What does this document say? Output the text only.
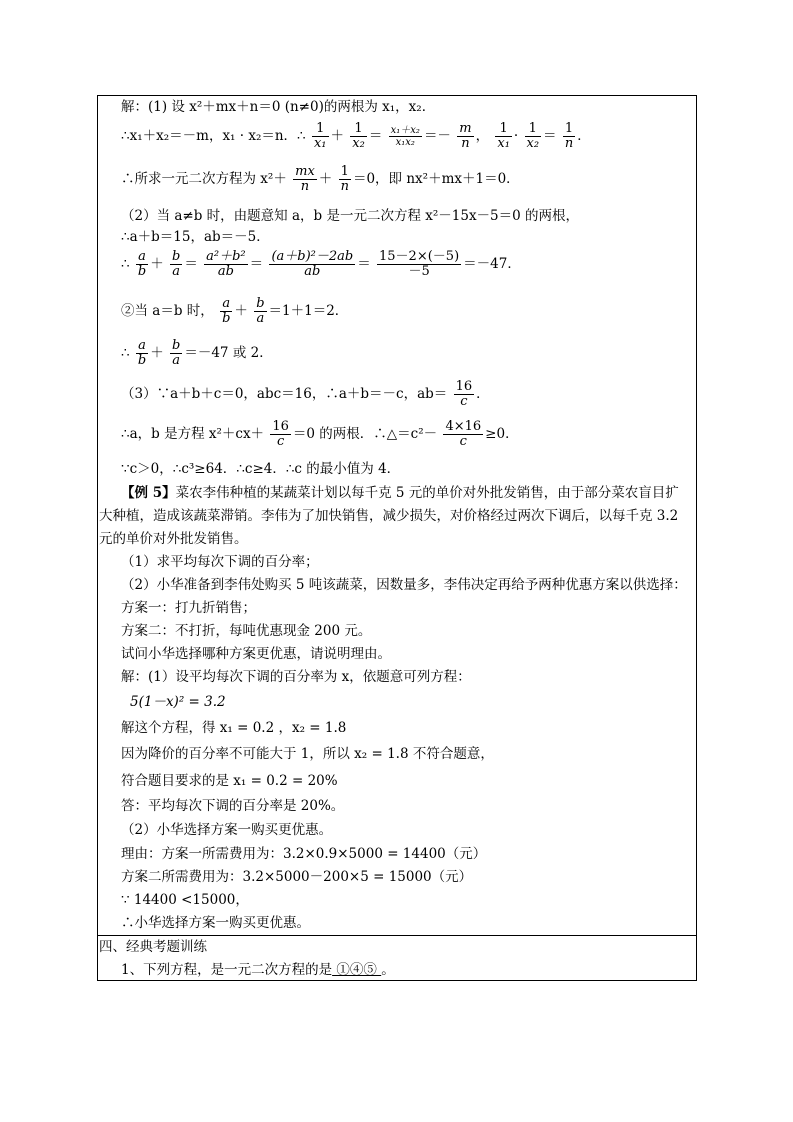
解：(1) 设 x²＋mx＋n＝0 (n≠0)的两根为 x₁，x₂．
∴x₁＋x₂＝－m，x₁ · x₂＝n．∴ $\frac{1}{\text{x₁}} + \frac{1}{\text{x₂}} = \frac{\text{x₁＋x₂}}{\text{x₁x₂}} =- \frac{m}{n}$ ， $\frac{1}{\text{x₁}} \cdot \frac{1}{\text{x₂}} = \frac{1}{n}$ ．
∴所求一元二次方程为 $x^2+ \frac{mx}{n} + \frac{1}{n} =0$，即 nx²＋mx＋1＝0．
（2）当 a≠b 时，由题意知 a，b 是一元二次方程 x²－15x－5＝0 的两根，
∴a＋b＝15，ab＝－5．
∴ $\frac{a}{b} + \frac{b}{a} = \frac{\text{a²＋b²}}{ab} = \frac{\text{(a＋b)²－2ab}}{ab} = \frac{15-2\times(-5)}{-5} =-47$．
②当 a＝b 时， $\frac{a}{b} + \frac{b}{a} =1+1=2$．
∴ $\frac{a}{b} + \frac{b}{a} =-47$ 或 2．
（3）∵a＋b＋c＝0，abc＝16，∴a＋b＝－c，$ab= \frac{16}{c}$ ．
∴a，b 是方程 $x^2+cx+ \frac{16}{c} =0$ 的两根．∴△＝c²－ $\frac{4\times 16}{c} \ge 0$．
∵c＞0，∴c³≥64．∴c≥4．∴c 的最小值为 4．
【例 5】菜农李伟种植的某蔬菜计划以每千克 5 元的单价对外批发销售，由于部分菜农盲目扩
大种植，造成该蔬菜滞销。李伟为了加快销售，减少损失，对价格经过两次下调后，以每千克 3.2
元的单价对外批发销售。
（1）求平均每次下调的百分率；
（2）小华准备到李伟处购买 5 吨该蔬菜，因数量多，李伟决定再给予两种优惠方案以供选择：
方案一：打九折销售；
方案二：不打折，每吨优惠现金 200 元。
试问小华选择哪种方案更优惠，请说明理由。
解：(1）设平均每次下调的百分率为 x，依题意可列方程：
5(1－x)² = 3.2
解这个方程，得 x₁ = 0.2 ，x₂ = 1.8
因为降价的百分率不可能大于 1，所以 x₂ = 1.8 不符合题意，
符合题目要求的是 x₁ = 0.2 = 20%
答：平均每次下调的百分率是 20%。
（2）小华选择方案一购买更优惠。
理由：方案一所需费用为：3.2×0.9×5000 = 14400（元）
方案二所需费用为：3.2×5000－200×5 = 15000（元）
∵ 14400 <15000，
∴小华选择方案一购买更优惠。
四、经典考题训练
1、下列方程，是一元二次方程的是 ①④⑤ 。
